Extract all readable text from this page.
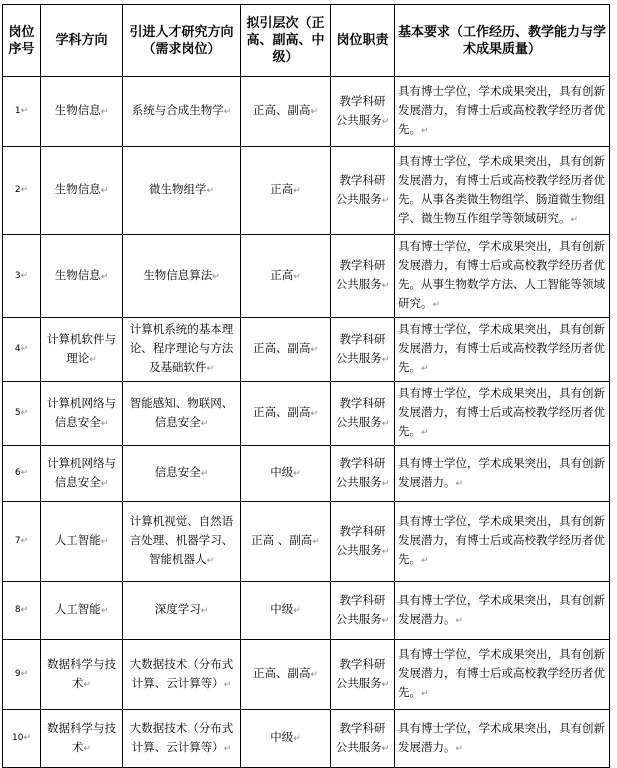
岗位序号	学科方向	引进人才研究方向（需求岗位）	拟引层次（正高、副高、中级）	岗位职责	基本要求（工作经历、教学能力与学术成果质量）
1↵	生物信息↵	系统与合成生物学↵	正高、副高↵	教学科研公共服务↵	具有博士学位，学术成果突出，具有创新发展潜力，有博士后或高校教学经历者优先。↵
2↵	生物信息↵	微生物组学↵	正高↵	教学科研公共服务↵	具有博士学位，学术成果突出，具有创新发展潜力，有博士后或高校教学经历者优先。从事各类微生物组学、肠道微生物组学、微生物互作组学等领域研究。↵
3↵	生物信息↵	生物信息算法↵	正高↵	教学科研公共服务↵	具有博士学位，学术成果突出，具有创新发展潜力，有博士后或高校教学经历者优先。从事生物数学方法、人工智能等领域研究。↵
4↵	计算机软件与理论↵	计算机系统的基本理论、程序理论与方法及基础软件↵	正高、副高↵	教学科研公共服务↵	具有博士学位，学术成果突出，具有创新发展潜力，有博士后或高校教学经历者优先。↵
5↵	计算机网络与信息安全↵	智能感知、物联网、信息安全↵	正高、副高↵	教学科研公共服务↵	具有博士学位，学术成果突出，具有创新发展潜力，有博士后或高校教学经历者优先。↵
6↵	计算机网络与信息安全↵	信息安全↵	中级↵	教学科研公共服务↵	具有博士学位，学术成果突出，具有创新发展潜力。↵
7↵	人工智能↵	计算机视觉、自然语言处理、机器学习、智能机器人↵	正高 、副高↵	教学科研公共服务↵	具有博士学位，学术成果突出，具有创新发展潜力，有博士后或高校教学经历者优先。↵
8↵	人工智能↵	深度学习↵	中级↵	教学科研公共服务↵	具有博士学位，学术成果突出，具有创新发展潜力。↵
9↵	数据科学与技术↵	大数据技术（分布式计算、云计算等）↵	正高、副高↵	教学科研公共服务↵	具有博士学位，学术成果突出，具有创新发展潜力，有博士后或高校教学经历者优先。↵
10↵	数据科学与技术↵	大数据技术（分布式计算、云计算等）↵	中级↵	教学科研公共服务↵	具有博士学位，学术成果突出，具有创新发展潜力。↵
